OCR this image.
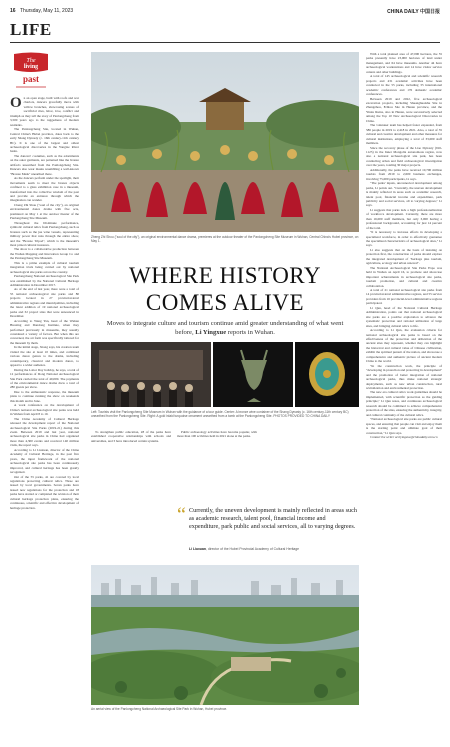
16 Thursday, May 11, 2023	CHINA DAILY 中国日报
LIFE
The
living
past

On an open stage, built with roofs and war chariots, dancers gracefully move with willow branches, showcasing scenes of sacrificial rites, labor, love, conflict and triumph as they tell the story of Panlongcheng from 3,500 years ago to the ruggedness of modern residents.

The Panlongcheng Site, located in Wuhan, Central China's Hubei province, dates back to the early Shang Dynasty (c. 16th century-11th century BC). It is one of the largest and oldest archaeological discoveries in the Yangtze River basin.

The dancers' costumes, such as the adornments on the outer garments, are patterned like the bronze artifacts unearthed from the Panlongcheng Site. Dancers also wear masks resembling a well-known "Bronze Mask" unearthed there.

As the dancers perform under the spotlight, their movements seem to meet the bronze objects confined to a glass exhibition case in a museum, transformed into the collective wisdom of the past and provide an entrance through which the imagination can wander.

Cheng Zhi Shou ("soul of the city"), an original environmental dance drama with five acts, premiered on May 1 at the outdoor theater of the Panlongcheng Site Museum.

Throughout the 60-minute performance, symbolic cultural relics from Panlongcheng, such as bronzes such as the jue wine vessels, representing military power that runs through the entire show, and the "Bronze Tripod", which is the museum's most prized cultural treasures.

The show is a collaborative production between the Wuhan Mapping and Innovation Group Co and the Panlongcheng Site Museum.

This is a prime example of cultural tourism integration trials being carried out by national archaeological site parks across the country.

Panlongcheng National Archaeological Site Park was established by the National Cultural Heritage Administration in December 2017.

As of the end of last year, there were a total of 55 national archaeological site parks and 80 projects located in 27 provincial-level administrative regions and municipalities, including the latest addition of 19 national archaeological parks and 32 project sites that were announced in December.

According to Wang Yan, head of the Wuhan Huaxing and Dandong Institute, when they performed previously in museums, they usually considered a variety of factors. But when this are concerned, the art form was specifically tailored for the museum by them.

In the initial stage, Xiong says, his creation team visited the site at least 10 times, and combined various dance genres to the drama, including contemporary, classical and modern dance, to appeal to a wider audience.

During the Labor Day holiday, he says, a total of 12 performances of Dong National Archaeological Site Park carried the total of 40,000. The payments of the environmental dance drama drew a total of 280 guests per show.

Due to the enthusiastic response, the museum plans to continue running the show on weekends this month and in June.

A work conference on the development of China's national archaeological site parks was held in Wuhan from April 8 to 10.

The China Academy of Cultural Heritage released the development report of the National Archaeological Site Parks (2019-21) during this event. Between 2019 and last year, national archaeological site parks in China had organized more than 4,300 events and received 140 million visits, the report says.

According to Li Liuxuan, director of the China Academy of Cultural Heritage, in the past five years, the input framework of the national archaeological site parks has been continuously improved, and cultural heritage has been greatly recognized.

Out of the 55 parks, 41 are covered by local regulations protecting cultural relics. Three are issued by local governments. Seven parks have issued new regulations for the protection and 18 parks have started or completed the revision of their cultural heritage protection plans, ensuring the continuous, scientific and effective development of heritage protection.

Zheng Zhi Shou ("soul of the city"), an original environmental dance drama, premieres at the outdoor theater of the Panlongcheng Site Museum in Wuhan, Central China's Hubei province, on May 1.
WHERE HISTORY COMES ALIVE
Moves to integrate culture and tourism continue amid greater understanding of what went before, Li Yingxue reports in Wuhan.
Left: Tourists visit the Panlongcheng Site Museum in Wuhan with the guidance of a tour guide. Center: A bronze wine container of the Shang Dynasty (c. 16th century-11th century BC) unearthed from the Panlongcheng Site. Right: A gold inlaid turquoise ornament unearthed from a tomb at the Panlongcheng Site. PHOTOS PROVIDED TO CHINA DAILY

To strengthen public education, 28 of the parks have established cooperative relationships with schools and universities, and 3 have introduced certain systems.

Public archaeology activities have become popular, with more than 100 activities held in 2021 alone at the parks.

“ Currently, the uneven development is mainly reflected in areas such as academic research, talent pool, financial income and expenditure, park public and social services, all to varying degrees.
Li Liuxuan, director of the Hubei Provincial Academy of Cultural Heritage
An aerial view of the Panlongcheng National Archaeological Site Park in Wuhan, Hubei province.

With a total planned area of 47,000 hectares, the 55 parks presently have 23,000 hectares of land under management, and 64 have museums. Another 44 have archaeological workstations and 14 have visitor service centers and other buildings.

A total of 145 archaeological and scientific research projects and 431 academic activities have been conducted in the 55 parks, including 35 international academic conferences and 176 domestic academic conferences.

Between 2019 and 2022, five archaeological excavation projects, including Shuanghuaishu Site in Zhengzhou, Erlitou Site in Henan province, and the Yinxu Ruins, also in Henan, were successively selected among the Top 10 New Archaeological Discoveries in China.

The volunteer team has helped foster expanded, from 586 people in 2019 to 2,418 in 2021. Also, a total of 35 cultural and creative development and other measures for cultural institutions, employing a total of 33,000 staff members.

Since the recovery phase of the Liao Dynasty (916-1125) in the Inner Mongolia autonomous region, now also a national archaeological site park, has been conducting urban and field archaeological investigation over the years, totaling 30 major projects.

Additionally, the parks have received 10,700 million tourists from 2019 to 2,600 business exchanges, involving 75,000 participants, Li says.

"The parks' inputs, unconnected development among parks, Li points out. "Currently, the uneven development is mainly reflected in areas such as academic research, talent pool, financial income and expenditure, park publicity and social services, all to varying degrees," Li says.

Li suggests that parks lack a high professionalization of workforce development. Currently, there are more than 16,000 staff members, but only 3,000 having a professional background, accounting for just 14 percent of the total.

"It is necessary to increase efforts in developing a specialized workforce, in order to effectively guarantee the specialized characteristics of archaeological sites," Li says.

Li also suggests that on the basis of insisting on protection first, the construction of parks should explore the integrated development of "heritage plus tourism, agriculture, ecology and urban renewal".

The National Archaeological Site Parks Expo was held in Wuhan on April 16, to promote and showcase important achievements in archaeological site parks, tourism promotion, and cultural and creative collaboration.

A total of 21 national archaeological site parks from 14 provincial-level administrative regions, and 55 service providers from 16 provincial-level administrative regions participated.

Li Qun, head of the National Cultural Heritage Administration, points out that national archaeological site parks are a positive exploration to advance the systematic protection and rational utilization of large sites, and bringing cultural relics to life.

According to Li Qun, the evaluation criteria for national archaeological site parks is based on the effectiveness of the protection and utilization of the ancient sites they represent, whether they can highlight the historical and cultural value of Chinese civilization, exhibit the spiritual pursuit of the nation, and showcase a comprehensive and authentic picture of ancient modern China to the world.

"In the construction work, the principle of "developing in protection and protecting in development" and the promotion of better integration of national archaeological parks, thus make national strategic deployments, such as new urban construction, rural revitalization and environmental protection.

The new era cultural relics work guidelines should be implemented, with scientific protection as the guiding principle," Li Qun notes, and continuous archaeological research should be combined to achieve comprehensive protection of the sites, ensuring the authenticity, integrity, and cultural continuity of the cultural relics.

"National archaeological site parks are public cultural spaces, and ensuring that people can visit and enjoy them is the starting point and ultimate goal of their construction," Li Qun says.

Contact the writer at liyingxue@chinadaily.com.cn
